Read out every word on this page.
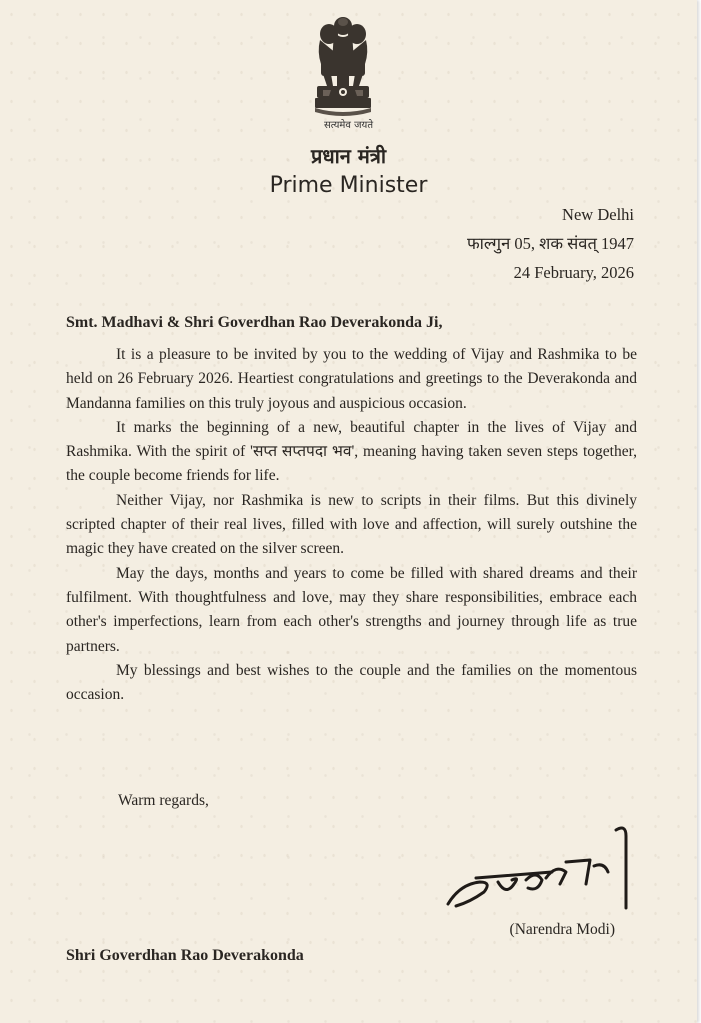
सत्यमेव जयते
प्रधान मंत्री
Prime Minister
New Delhi
फाल्गुन 05, शक संवत् 1947
24 February, 2026
Smt. Madhavi & Shri Goverdhan Rao Deverakonda Ji,

It is a pleasure to be invited by you to the wedding of Vijay and Rashmika to be held on 26 February 2026. Heartiest congratulations and greetings to the Deverakonda and Mandanna families on this truly joyous and auspicious occasion.

It marks the beginning of a new, beautiful chapter in the lives of Vijay and Rashmika. With the spirit of 'सप्त सप्तपदा भव', meaning having taken seven steps together, the couple become friends for life.

Neither Vijay, nor Rashmika is new to scripts in their films. But this divinely scripted chapter of their real lives, filled with love and affection, will surely outshine the magic they have created on the silver screen.

May the days, months and years to come be filled with shared dreams and their fulfilment. With thoughtfulness and love, may they share responsibilities, embrace each other's imperfections, learn from each other's strengths and journey through life as true partners.

My blessings and best wishes to the couple and the families on the momentous occasion.

Warm regards,
(Narendra Modi)
Shri Goverdhan Rao Deverakonda
